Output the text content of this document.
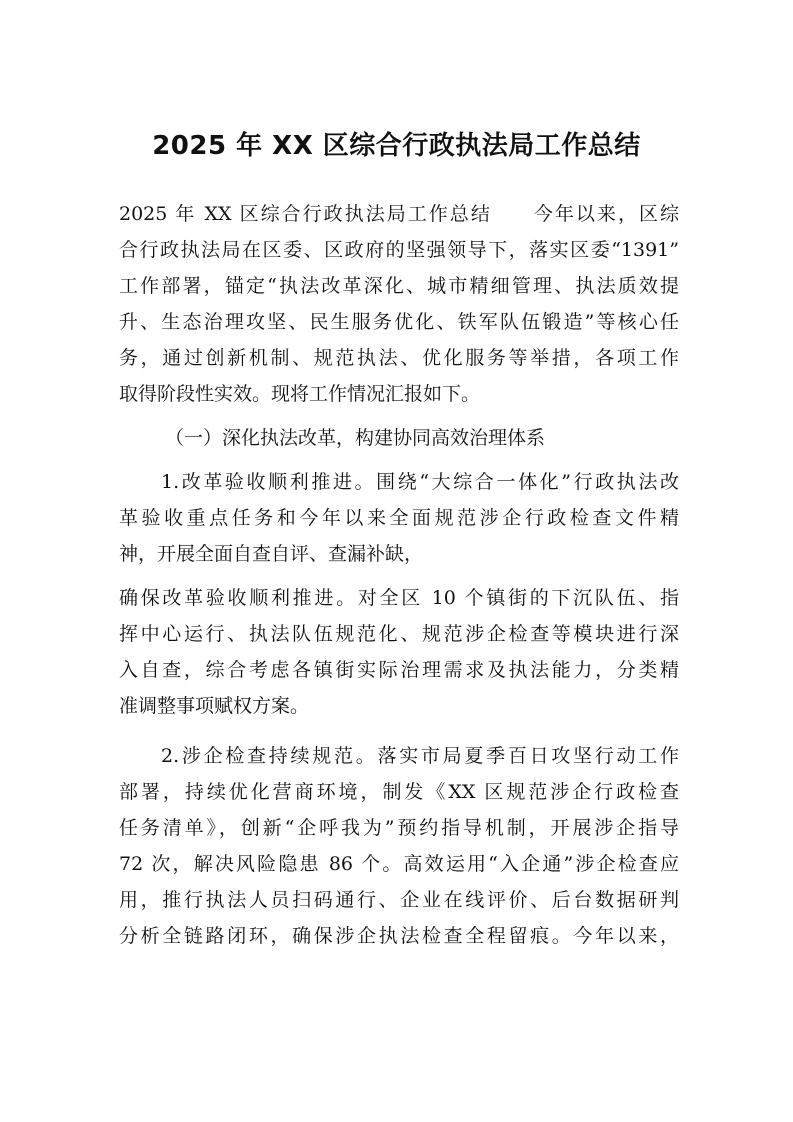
2025 年 XX 区综合行政执法局工作总结
2025 年 XX 区综合行政执法局工作总结　　今年以来，区综
合行政执法局在区委、区政府的坚强领导下，落实区委“1391”
工作部署，锚定“执法改革深化、城市精细管理、执法质效提
升、生态治理攻坚、民生服务优化、铁军队伍锻造”等核心任
务，通过创新机制、规范执法、优化服务等举措，各项工作
取得阶段性实效。现将工作情况汇报如下。
（一）深化执法改革，构建协同高效治理体系
1.改革验收顺利推进。围绕“大综合一体化”行政执法改
革验收重点任务和今年以来全面规范涉企行政检查文件精
神，开展全面自查自评、查漏补缺，
确保改革验收顺利推进。对全区 10 个镇街的下沉队伍、指
挥中心运行、执法队伍规范化、规范涉企检查等模块进行深
入自查，综合考虑各镇街实际治理需求及执法能力，分类精
准调整事项赋权方案。
2.涉企检查持续规范。落实市局夏季百日攻坚行动工作
部署，持续优化营商环境，制发《XX 区规范涉企行政检查
任务清单》，创新“企呼我为”预约指导机制，开展涉企指导
72 次，解决风险隐患 86 个。高效运用“入企通”涉企检查应
用，推行执法人员扫码通行、企业在线评价、后台数据研判
分析全链路闭环，确保涉企执法检查全程留痕。今年以来，
